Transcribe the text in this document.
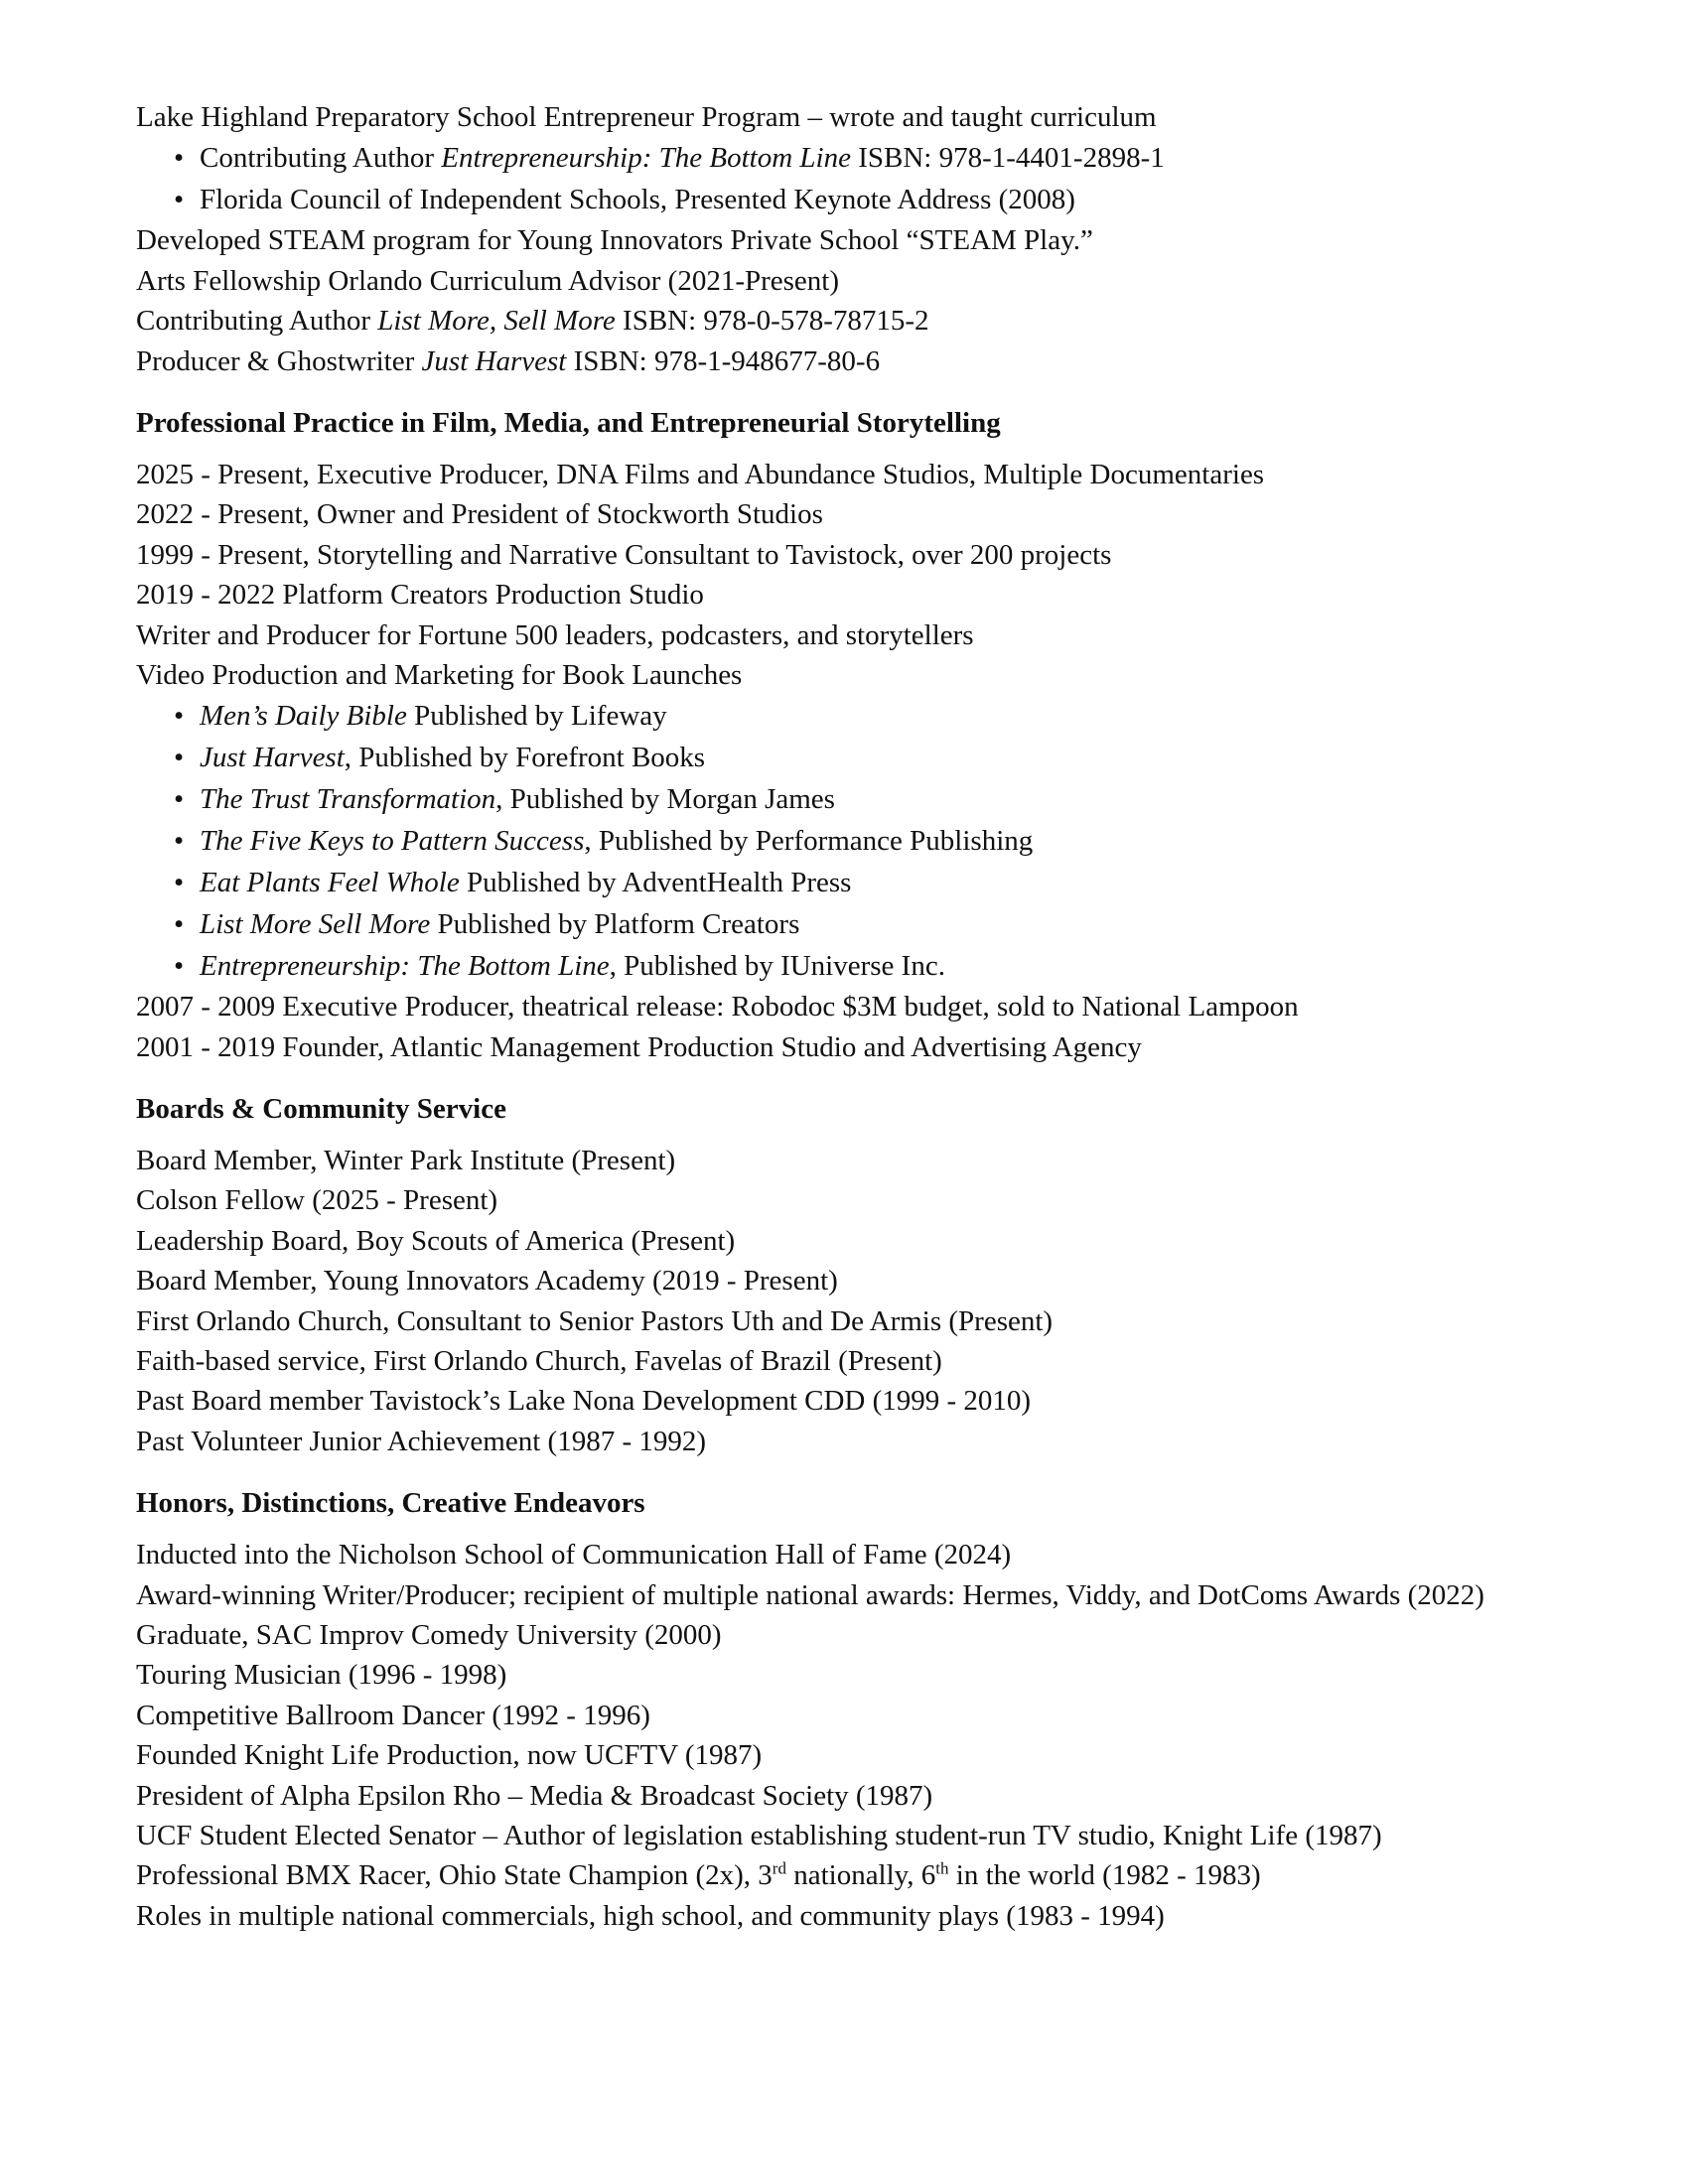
Lake Highland Preparatory School Entrepreneur Program – wrote and taught curriculum
• Contributing Author Entrepreneurship: The Bottom Line ISBN: 978-1-4401-2898-1
• Florida Council of Independent Schools, Presented Keynote Address (2008)
Developed STEAM program for Young Innovators Private School “STEAM Play.”
Arts Fellowship Orlando Curriculum Advisor (2021-Present)
Contributing Author List More, Sell More ISBN: 978-0-578-78715-2
Producer & Ghostwriter Just Harvest ISBN: 978-1-948677-80-6
Professional Practice in Film, Media, and Entrepreneurial Storytelling
2025 - Present, Executive Producer, DNA Films and Abundance Studios, Multiple Documentaries
2022 - Present, Owner and President of Stockworth Studios
1999 - Present, Storytelling and Narrative Consultant to Tavistock, over 200 projects
2019 - 2022 Platform Creators Production Studio
Writer and Producer for Fortune 500 leaders, podcasters, and storytellers
Video Production and Marketing for Book Launches
• Men’s Daily Bible Published by Lifeway
• Just Harvest, Published by Forefront Books
• The Trust Transformation, Published by Morgan James
• The Five Keys to Pattern Success, Published by Performance Publishing
• Eat Plants Feel Whole Published by AdventHealth Press
• List More Sell More Published by Platform Creators
• Entrepreneurship: The Bottom Line, Published by IUniverse Inc.
2007 - 2009 Executive Producer, theatrical release: Robodoc $3M budget, sold to National Lampoon
2001 - 2019 Founder, Atlantic Management Production Studio and Advertising Agency
Boards & Community Service
Board Member, Winter Park Institute (Present)
Colson Fellow (2025 - Present)
Leadership Board, Boy Scouts of America (Present)
Board Member, Young Innovators Academy (2019 - Present)
First Orlando Church, Consultant to Senior Pastors Uth and De Armis (Present)
Faith-based service, First Orlando Church, Favelas of Brazil (Present)
Past Board member Tavistock’s Lake Nona Development CDD (1999 - 2010)
Past Volunteer Junior Achievement (1987 - 1992)
Honors, Distinctions, Creative Endeavors
Inducted into the Nicholson School of Communication Hall of Fame (2024)
Award-winning Writer/Producer; recipient of multiple national awards: Hermes, Viddy, and DotComs Awards (2022)
Graduate, SAC Improv Comedy University (2000)
Touring Musician (1996 - 1998)
Competitive Ballroom Dancer (1992 - 1996)
Founded Knight Life Production, now UCFTV (1987)
President of Alpha Epsilon Rho – Media & Broadcast Society (1987)
UCF Student Elected Senator – Author of legislation establishing student-run TV studio, Knight Life (1987)
Professional BMX Racer, Ohio State Champion (2x), 3rd nationally, 6th in the world (1982 - 1983)
Roles in multiple national commercials, high school, and community plays (1983 - 1994)
